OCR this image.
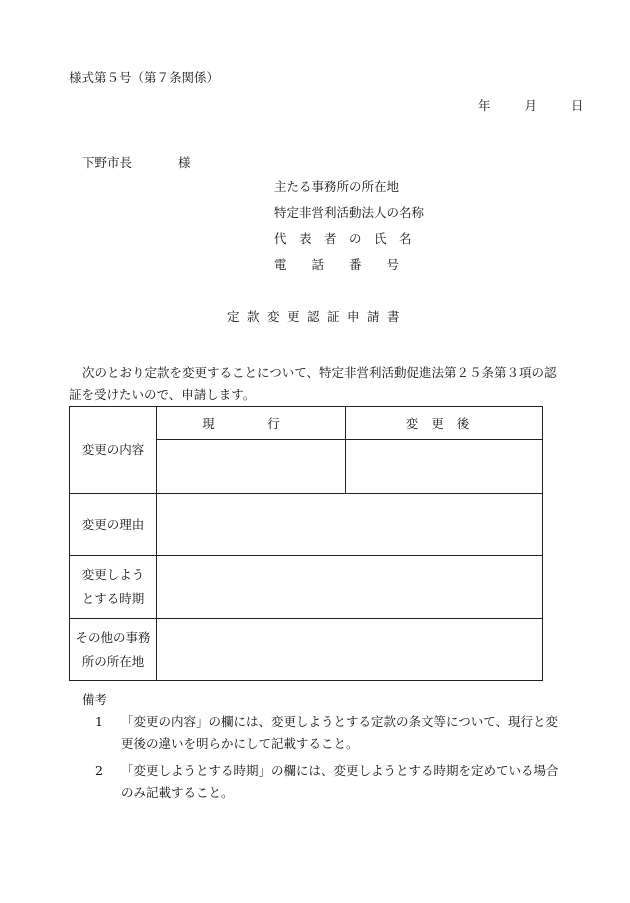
様式第５号（第７条関係）
年	月	日
下野市長	様
主たる事務所の所在地
特定非営利活動法人の名称
代　表　者　の　氏　名
電　　話　　番　　号
定款変更認証申請書
次のとおり定款を変更することについて、特定非営利活動促進法第２５条第３項の認
証を受けたいので、申請します。
変更の内容	現　行	変更後

変更の理由		

変更しよう
とする時期		

その他の事務
所の所在地		

備考
1 「変更の内容」の欄には、変更しようとする定款の条文等について、現行と変
更後の違いを明らかにして記載すること。
2 「変更しようとする時期」の欄には、変更しようとする時期を定めている場合
のみ記載すること。
